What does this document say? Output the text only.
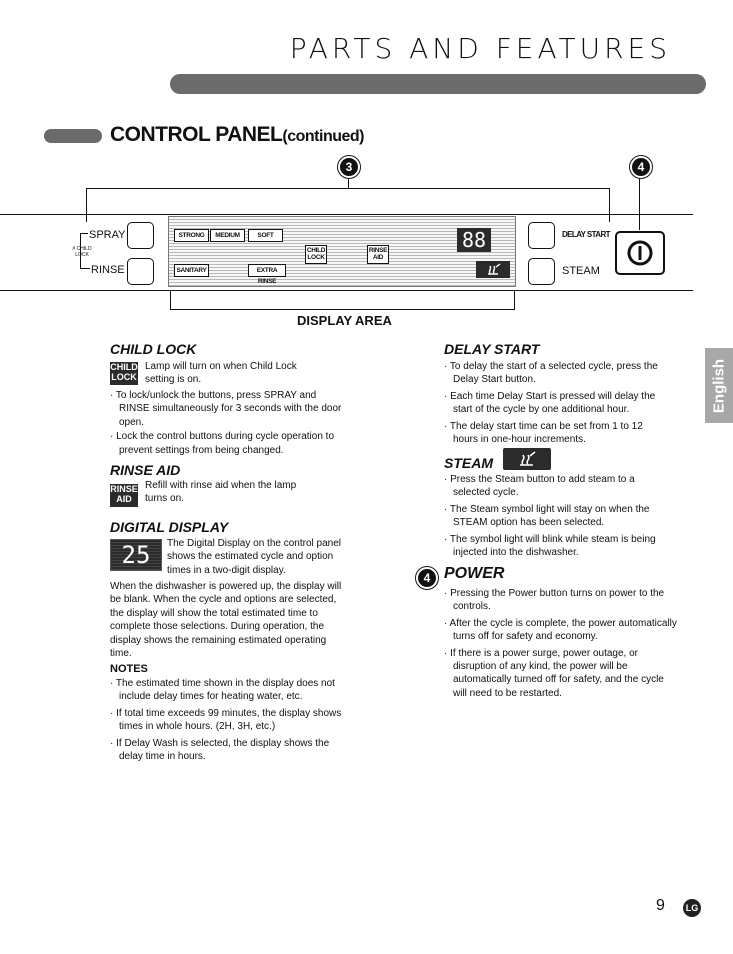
PARTS AND FEATURES
CONTROL PANEL(continued)
3	4
SPRAY
RINSE
# CHILD LOCK
STRONG	MEDIUM	SOFT
SANITARY	EXTRA RINSE
CHILD LOCK
RINSE AID
88
DISPLAY AREA
DELAY START
STEAM
CHILD LOCK
CHILD LOCK
Lamp will turn on when Child Lock setting is on.

· To lock/unlock the buttons, press SPRAY and RINSE simultaneously for 3 seconds with the door open.

· Lock the control buttons during cycle operation to prevent settings from being changed.

RINSE AID
RINSE AID
Refill with rinse aid when the lamp turns on.
DIGITAL DISPLAY
25	The Digital Display on the control panel shows the estimated cycle and option times in a two-digit display.
When the dishwasher is powered up, the display will be blank. When the cycle and options are selected, the display will show the total estimated time to complete those selections. During operation, the display shows the remaining estimated operating time.
NOTES

· The estimated time shown in the display does not include delay times for heating water, etc.

· If total time exceeds 99 minutes, the display shows times in whole hours. (2H, 3H, etc.)

· If Delay Wash is selected, the display shows the delay time in hours.

DELAY START

· To delay the start of a selected cycle, press the Delay Start button.

· Each time Delay Start is pressed will delay the start of the cycle by one additional hour.

· The delay start time can be set from 1 to 12 hours in one-hour increments.

STEAM

· Press the Steam button to add steam to a selected cycle.

· The Steam symbol light will stay on when the STEAM option has been selected.

· The symbol light will blink while steam is being injected into the dishwasher.

4 POWER

· Pressing the Power button turns on power to the controls.

· After the cycle is complete, the power automatically turns off for safety and economy.

· If there is a power surge, power outage, or disruption of any kind, the power will be automatically turned off for safety, and the cycle will need to be restarted.

English
9	LG
